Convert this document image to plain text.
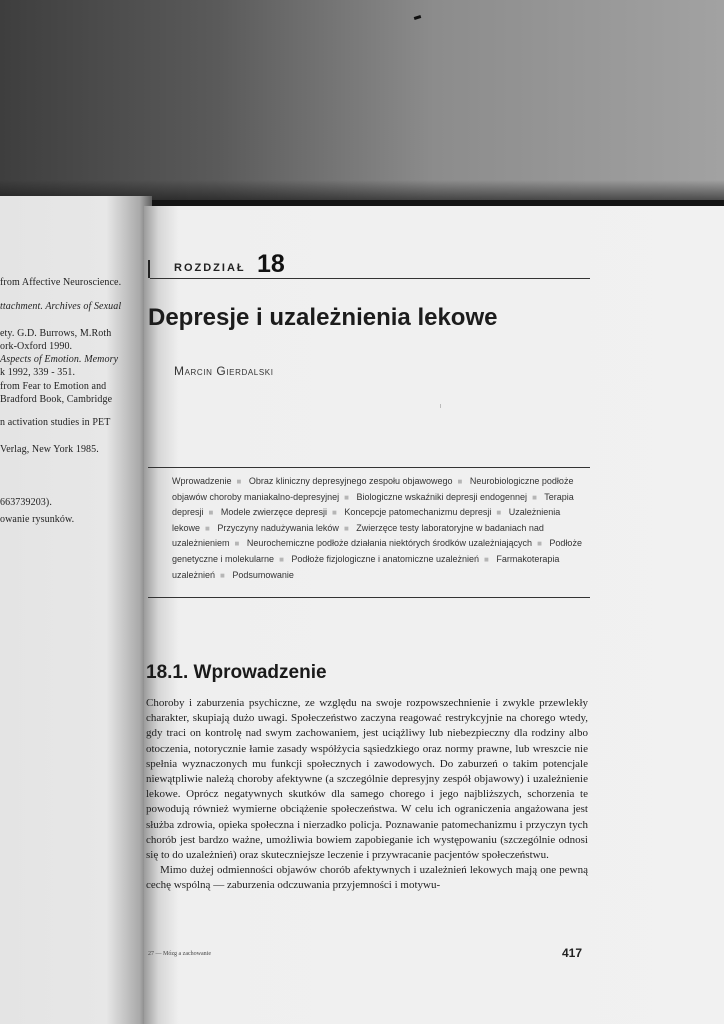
from Affective Neuroscience.
ttachment. Archives of Sexual
ety. G.D. Burrows, M.Roth
ork-Oxford 1990.
Aspects of Emotion. Memory
k 1992, 339 - 351.
from Fear to Emotion and
Bradford Book, Cambridge
n activation studies in PET
Verlag, New York 1985.
663739203).
owanie rysunków.
ROZDZIAŁ 18
Depresje i uzależnienia lekowe
Marcin Gierdalski
Wprowadzenie ■ Obraz kliniczny depresyjnego zespołu objawowego ■ Neurobiologiczne podłoże objawów choroby maniakalno-depresyjnej ■ Biologiczne wskaźniki depresji endogennej ■ Terapia depresji ■ Modele zwierzęce depresji ■ Koncepcje patomechanizmu depresji ■ Uzależnienia lekowe ■ Przyczyny nadużywania leków ■ Zwierzęce testy laboratoryjne w badaniach nad uzależnieniem ■ Neurochemiczne podłoże działania niektórych środków uzależniających ■ Podłoże genetyczne i molekularne ■ Podłoże fizjologiczne i anatomiczne uzależnień ■ Farmakoterapia uzależnień ■ Podsumowanie
18.1. Wprowadzenie

Choroby i zaburzenia psychiczne, ze względu na swoje rozpowszechnienie i zwykle przewlekły charakter, skupiają dużo uwagi. Społeczeństwo zaczyna reagować restrykcyjnie na chorego wtedy, gdy traci on kontrolę nad swym zachowaniem, jest uciążliwy lub niebezpieczny dla rodziny albo otoczenia, notorycznie łamie zasady współżycia sąsiedzkiego oraz normy prawne, lub wreszcie nie spełnia wyznaczonych mu funkcji społecznych i zawodowych. Do zaburzeń o takim potencjale niewątpliwie należą choroby afektywne (a szczególnie depresyjny zespół objawowy) i uzależnienie lekowe. Oprócz negatywnych skutków dla samego chorego i jego najbliższych, schorzenia te powodują również wymierne obciążenie społeczeństwa. W celu ich ograniczenia angażowana jest służba zdrowia, opieka społeczna i nierzadko policja. Poznawanie patomechanizmu i przyczyn tych chorób jest bardzo ważne, umożliwia bowiem zapobieganie ich występowaniu (szczególnie odnosi się to do uzależnień) oraz skuteczniejsze leczenie i przywracanie pacjentów społeczeństwu.

Mimo dużej odmienności objawów chorób afektywnych i uzależnień lekowych mają one pewną cechę wspólną — zaburzenia odczuwania przyjemności i motywu-

27 — Mózg a zachowanie	417
